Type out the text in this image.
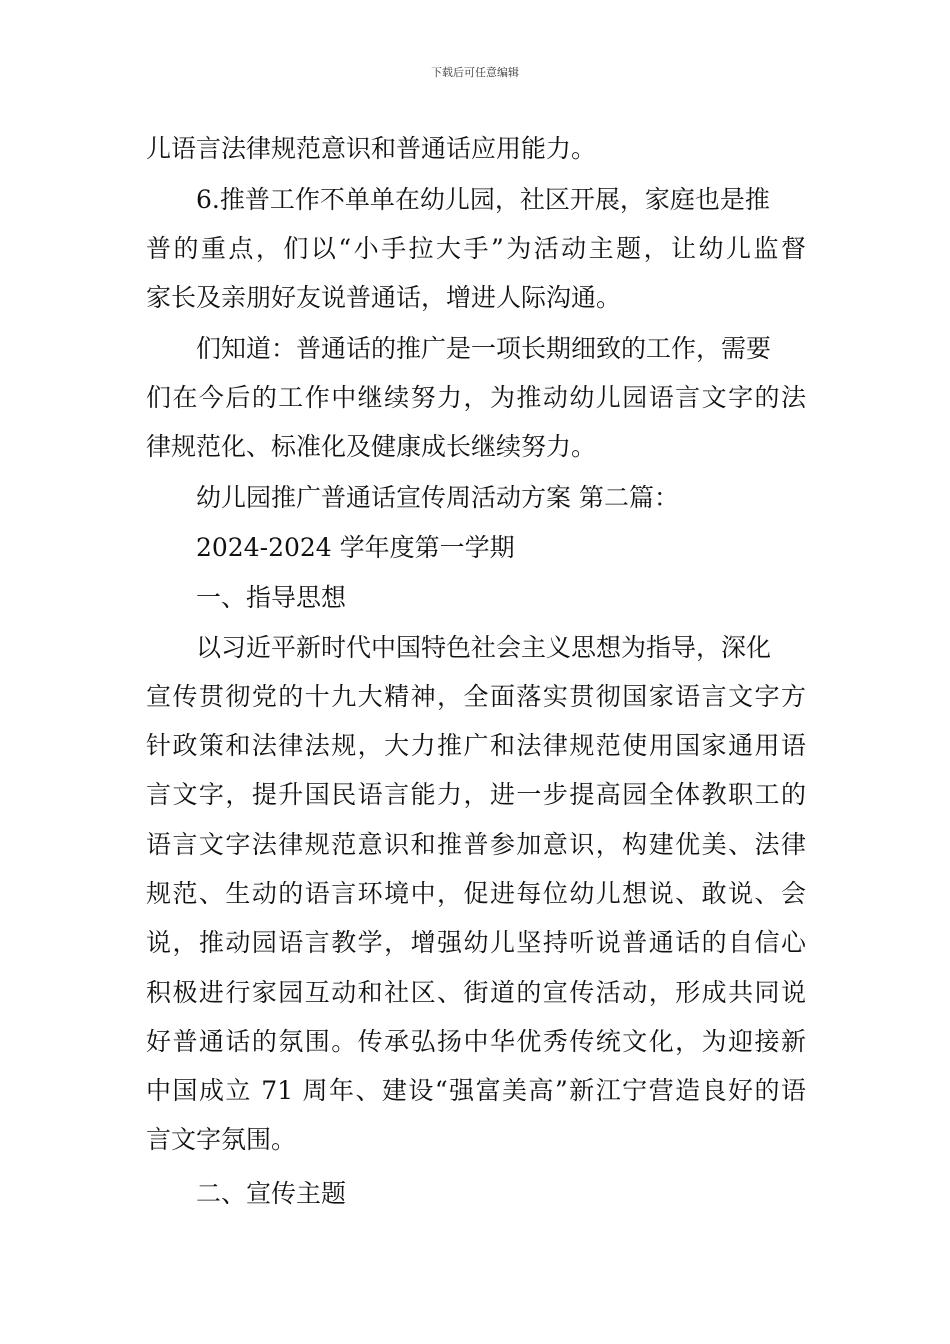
下载后可任意编辑
儿语言法律规范意识和普通话应用能力。
6.推普工作不单单在幼儿园，社区开展，家庭也是推
普的重点，们以“小手拉大手”为活动主题，让幼儿监督
家长及亲朋好友说普通话，增进人际沟通。
们知道：普通话的推广是一项长期细致的工作，需要
们在今后的工作中继续努力，为推动幼儿园语言文字的法
律规范化、标准化及健康成长继续努力。
幼儿园推广普通话宣传周活动方案 第二篇：
2024-2024 学年度第一学期
一、指导思想
以习近平新时代中国特色社会主义思想为指导，深化
宣传贯彻党的十九大精神，全面落实贯彻国家语言文字方
针政策和法律法规，大力推广和法律规范使用国家通用语
言文字，提升国民语言能力，进一步提高园全体教职工的
语言文字法律规范意识和推普参加意识，构建优美、法律
规范、生动的语言环境中，促进每位幼儿想说、敢说、会
说，推动园语言教学，增强幼儿坚持听说普通话的自信心
积极进行家园互动和社区、街道的宣传活动，形成共同说
好普通话的氛围。传承弘扬中华优秀传统文化，为迎接新
中国成立 71 周年、建设“强富美高”新江宁营造良好的语
言文字氛围。
二、宣传主题
